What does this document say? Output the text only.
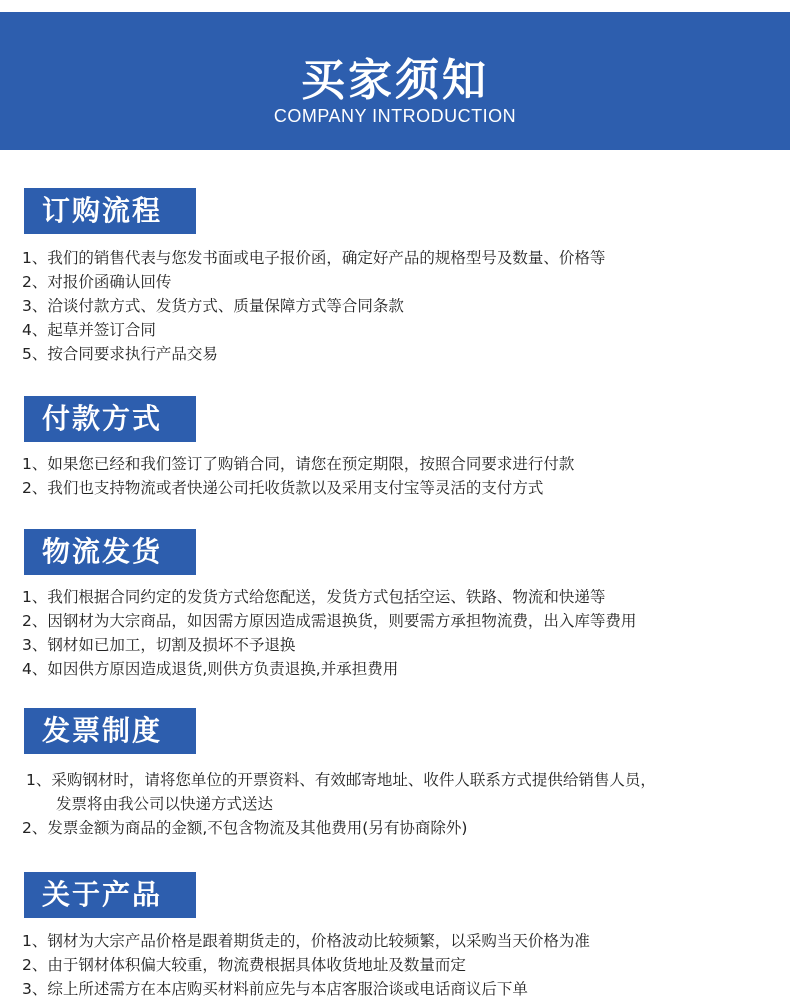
买家须知
COMPANY INTRODUCTION
订购流程
1、我们的销售代表与您发书面或电子报价函，确定好产品的规格型号及数量、价格等
2、对报价函确认回传
3、洽谈付款方式、发货方式、质量保障方式等合同条款
4、起草并签订合同
5、按合同要求执行产品交易
付款方式
1、如果您已经和我们签订了购销合同，请您在预定期限，按照合同要求进行付款
2、我们也支持物流或者快递公司托收货款以及采用支付宝等灵活的支付方式
物流发货
1、我们根据合同约定的发货方式给您配送，发货方式包括空运、铁路、物流和快递等
2、因钢材为大宗商品，如因需方原因造成需退换货，则要需方承担物流费，出入库等费用
3、钢材如已加工，切割及损坏不予退换
4、如因供方原因造成退货,则供方负责退换,并承担费用
发票制度
1、采购钢材时，请将您单位的开票资料、有效邮寄地址、收件人联系方式提供给销售人员，
发票将由我公司以快递方式送达
2、发票金额为商品的金额,不包含物流及其他费用(另有协商除外)
关于产品
1、钢材为大宗产品价格是跟着期货走的，价格波动比较频繁，以采购当天价格为准
2、由于钢材体积偏大较重，物流费根据具体收货地址及数量而定
3、综上所述需方在本店购买材料前应先与本店客服洽谈或电话商议后下单
